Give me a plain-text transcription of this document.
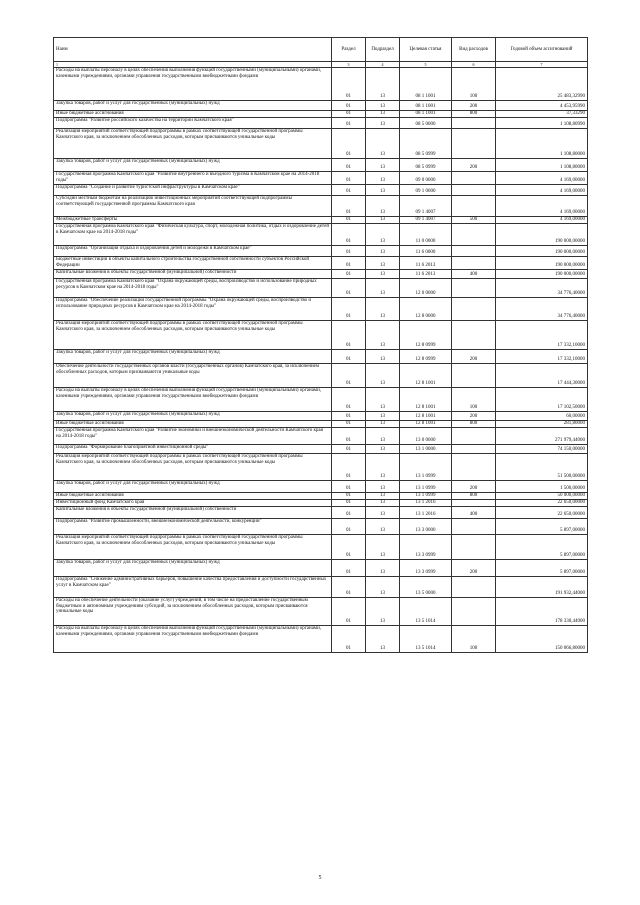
Наим	Раздел	Подраздел	Целевая статья	Вид расходов	Годовой объем ассигнований
1	3	4	5	6	7
Расходы на выплаты персоналу в целях обеспечения выполнения функций государственными (муниципальными) органами, казенными учреждениями, органами управления государственными внебюджетными фондами	01	13	08 1 1001	100	25 483,32990
Закупка товаров, работ и услуг для государственных (муниципальных) нужд	01	13	08 1 1001	200	4 453,95990
Иные бюджетные ассигнования	01	13	08 1 1001	800	37,33290
Подпрограмма "Развитие российского казачества на территории Камчатского края"	01	13	08 5 0000		1 108,80990
Реализация мероприятий соответствующей подпрограммы в рамках соответствующей государственной программы Камчатского края, за исключением обособленных расходов, которым присваиваются уникальные коды	01	13	08 5 0999		1 108,80000
Закупка товаров, работ и услуг для государственных (муниципальных) нужд	01	13	08 5 0999	200	1 108,80000
Государственная программа Камчатского края "Развитие внутреннего и въездного туризма в Камчатском крае на 2014-2018 годы"	01	13	09 0 0000		4 169,00000
Подпрограмма "Создание и развитие туристской инфраструктуры в Камчатском крае"	01	13	09 1 0000		4 169,00000
Субсидии местным бюджетам на реализацию инвестиционных мероприятий соответствующей подпрограммы соответствующей государственной программы Камчатского края	01	13	09 1 4007		4 169,00000
Межбюджетные трансферты	01	13	09 1 4007	500	4 169,00000
Государственная программа Камчатского края "Физическая культура, спорт, молодежная политика, отдых и оздоровление детей в Камчатском крае на 2014-2018 годы"	01	13	11 0 0000		190 000,00000
Подпрограмма "Организация отдыха и оздоровления детей и молодежи в Камчатском крае"	01	13	11 6 0000		190 000,00000
Бюджетные инвестиции в объекты капитального строительства государственной собственности субъектов Российской Федерации	01	13	11 6 2013		190 000,00000
Капитальные вложения в объекты государственной (муниципальной) собственности	01	13	11 6 2013	400	190 000,00000
Государственная программа Камчатского края "Охрана окружающей среды, воспроизводство и использование природных ресурсов в Камчатском крае на 2014-2018 годы"	01	13	12 0 0000		34 776,40000
Подпрограмма "Обеспечение реализации государственной программы "Охрана окружающей среды, воспроизводство и использование природных ресурсов в Камчатском крае на 2014-2018 годы"	01	13	12 8 0000		34 776,40000
Реализация мероприятий соответствующей подпрограммы в рамках соответствующей государственной программы Камчатского края, за исключением обособленных расходов, которым присваиваются уникальные коды	01	13	12 8 0999		17 332,10000
Закупка товаров, работ и услуг для государственных (муниципальных) нужд	01	13	12 8 0999	200	17 332,10000
Обеспечение деятельности государственных органов власти (государственных органов) Камчатского края, за исключением обособленных расходов, которым присваиваются уникальные коды	01	13	12 8 1001		17 444,30000
Расходы на выплаты персоналу в целях обеспечения выполнения функций государственными (муниципальными) органами, казенными учреждениями, органами управления государственными внебюджетными фондами	01	13	12 8 1001	100	17 102,50000
Закупка товаров, работ и услуг для государственных (муниципальных) нужд	01	13	12 8 1001	200	60,00000
Иные бюджетные ассигнования	01	13	12 8 1001	800	281,80000
Государственная программа Камчатского края "Развитие экономики и внешнеэкономической деятельности Камчатского края на 2014-2018 годы"	01	13	13 0 0000		271 979,44000
Подпрограмма "Формирование благоприятной инвестиционной среды"	01	13	13 1 0000		74 150,00000
Реализация мероприятий соответствующей подпрограммы в рамках соответствующей государственной программы Камчатского края, за исключением обособленных расходов, которым присваиваются уникальные коды	01	13	13 1 0999		51 500,00000
Закупка товаров, работ и услуг для государственных (муниципальных) нужд	01	13	13 1 0999	200	1 500,00000
Иные бюджетные ассигнования	01	13	13 1 0999	800	50 000,00000
Инвестиционный фонд Камчатского края	01	13	13 1 2016		22 650,00000
Капитальные вложения в объекты государственной (муниципальной) собственности	01	13	13 1 2016	400	22 650,00000
Подпрограмма "Развитие промышленности, внешнеэкономической деятельности, конкуренции"	01	13	13 3 0000		5 897,00000
Реализация мероприятий соответствующей подпрограммы в рамках соответствующей государственной программы Камчатского края, за исключением обособленных расходов, которым присваиваются уникальные коды	01	13	13 3 0999		5 897,00000
Закупка товаров, работ и услуг для государственных (муниципальных) нужд	01	13	13 3 0999	200	5 897,00000
Подпрограмма "Снижение административных барьеров, повышение качества предоставления и доступности государственных услуг в Камчатском крае"	01	13	13 5 0000		191 932,44000
Расходы на обеспечение деятельности (оказание услуг) учреждений, в том числе на предоставление государственным бюджетным и автономным учреждениям субсидий, за исключением обособленных расходов, которым присваиваются уникальные коды	01	13	13 5 1014		178 330,44000
Расходы на выплаты персоналу в целях обеспечения выполнения функций государственными (муниципальными) органами, казенными учреждениями, органами управления государственными внебюджетными фондами	01	13	13 5 1014	100	150 066,80000
5
